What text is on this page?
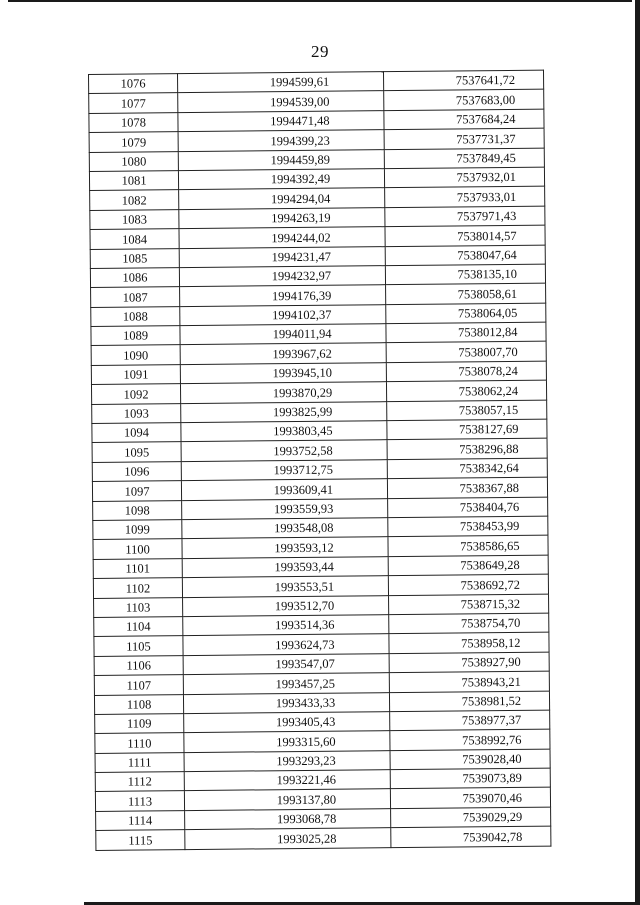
29
1076	1994599,61	7537641,72
1077	1994539,00	7537683,00
1078	1994471,48	7537684,24
1079	1994399,23	7537731,37
1080	1994459,89	7537849,45
1081	1994392,49	7537932,01
1082	1994294,04	7537933,01
1083	1994263,19	7537971,43
1084	1994244,02	7538014,57
1085	1994231,47	7538047,64
1086	1994232,97	7538135,10
1087	1994176,39	7538058,61
1088	1994102,37	7538064,05
1089	1994011,94	7538012,84
1090	1993967,62	7538007,70
1091	1993945,10	7538078,24
1092	1993870,29	7538062,24
1093	1993825,99	7538057,15
1094	1993803,45	7538127,69
1095	1993752,58	7538296,88
1096	1993712,75	7538342,64
1097	1993609,41	7538367,88
1098	1993559,93	7538404,76
1099	1993548,08	7538453,99
1100	1993593,12	7538586,65
1101	1993593,44	7538649,28
1102	1993553,51	7538692,72
1103	1993512,70	7538715,32
1104	1993514,36	7538754,70
1105	1993624,73	7538958,12
1106	1993547,07	7538927,90
1107	1993457,25	7538943,21
1108	1993433,33	7538981,52
1109	1993405,43	7538977,37
1110	1993315,60	7538992,76
1111	1993293,23	7539028,40
1112	1993221,46	7539073,89
1113	1993137,80	7539070,46
1114	1993068,78	7539029,29
1115	1993025,28	7539042,78
